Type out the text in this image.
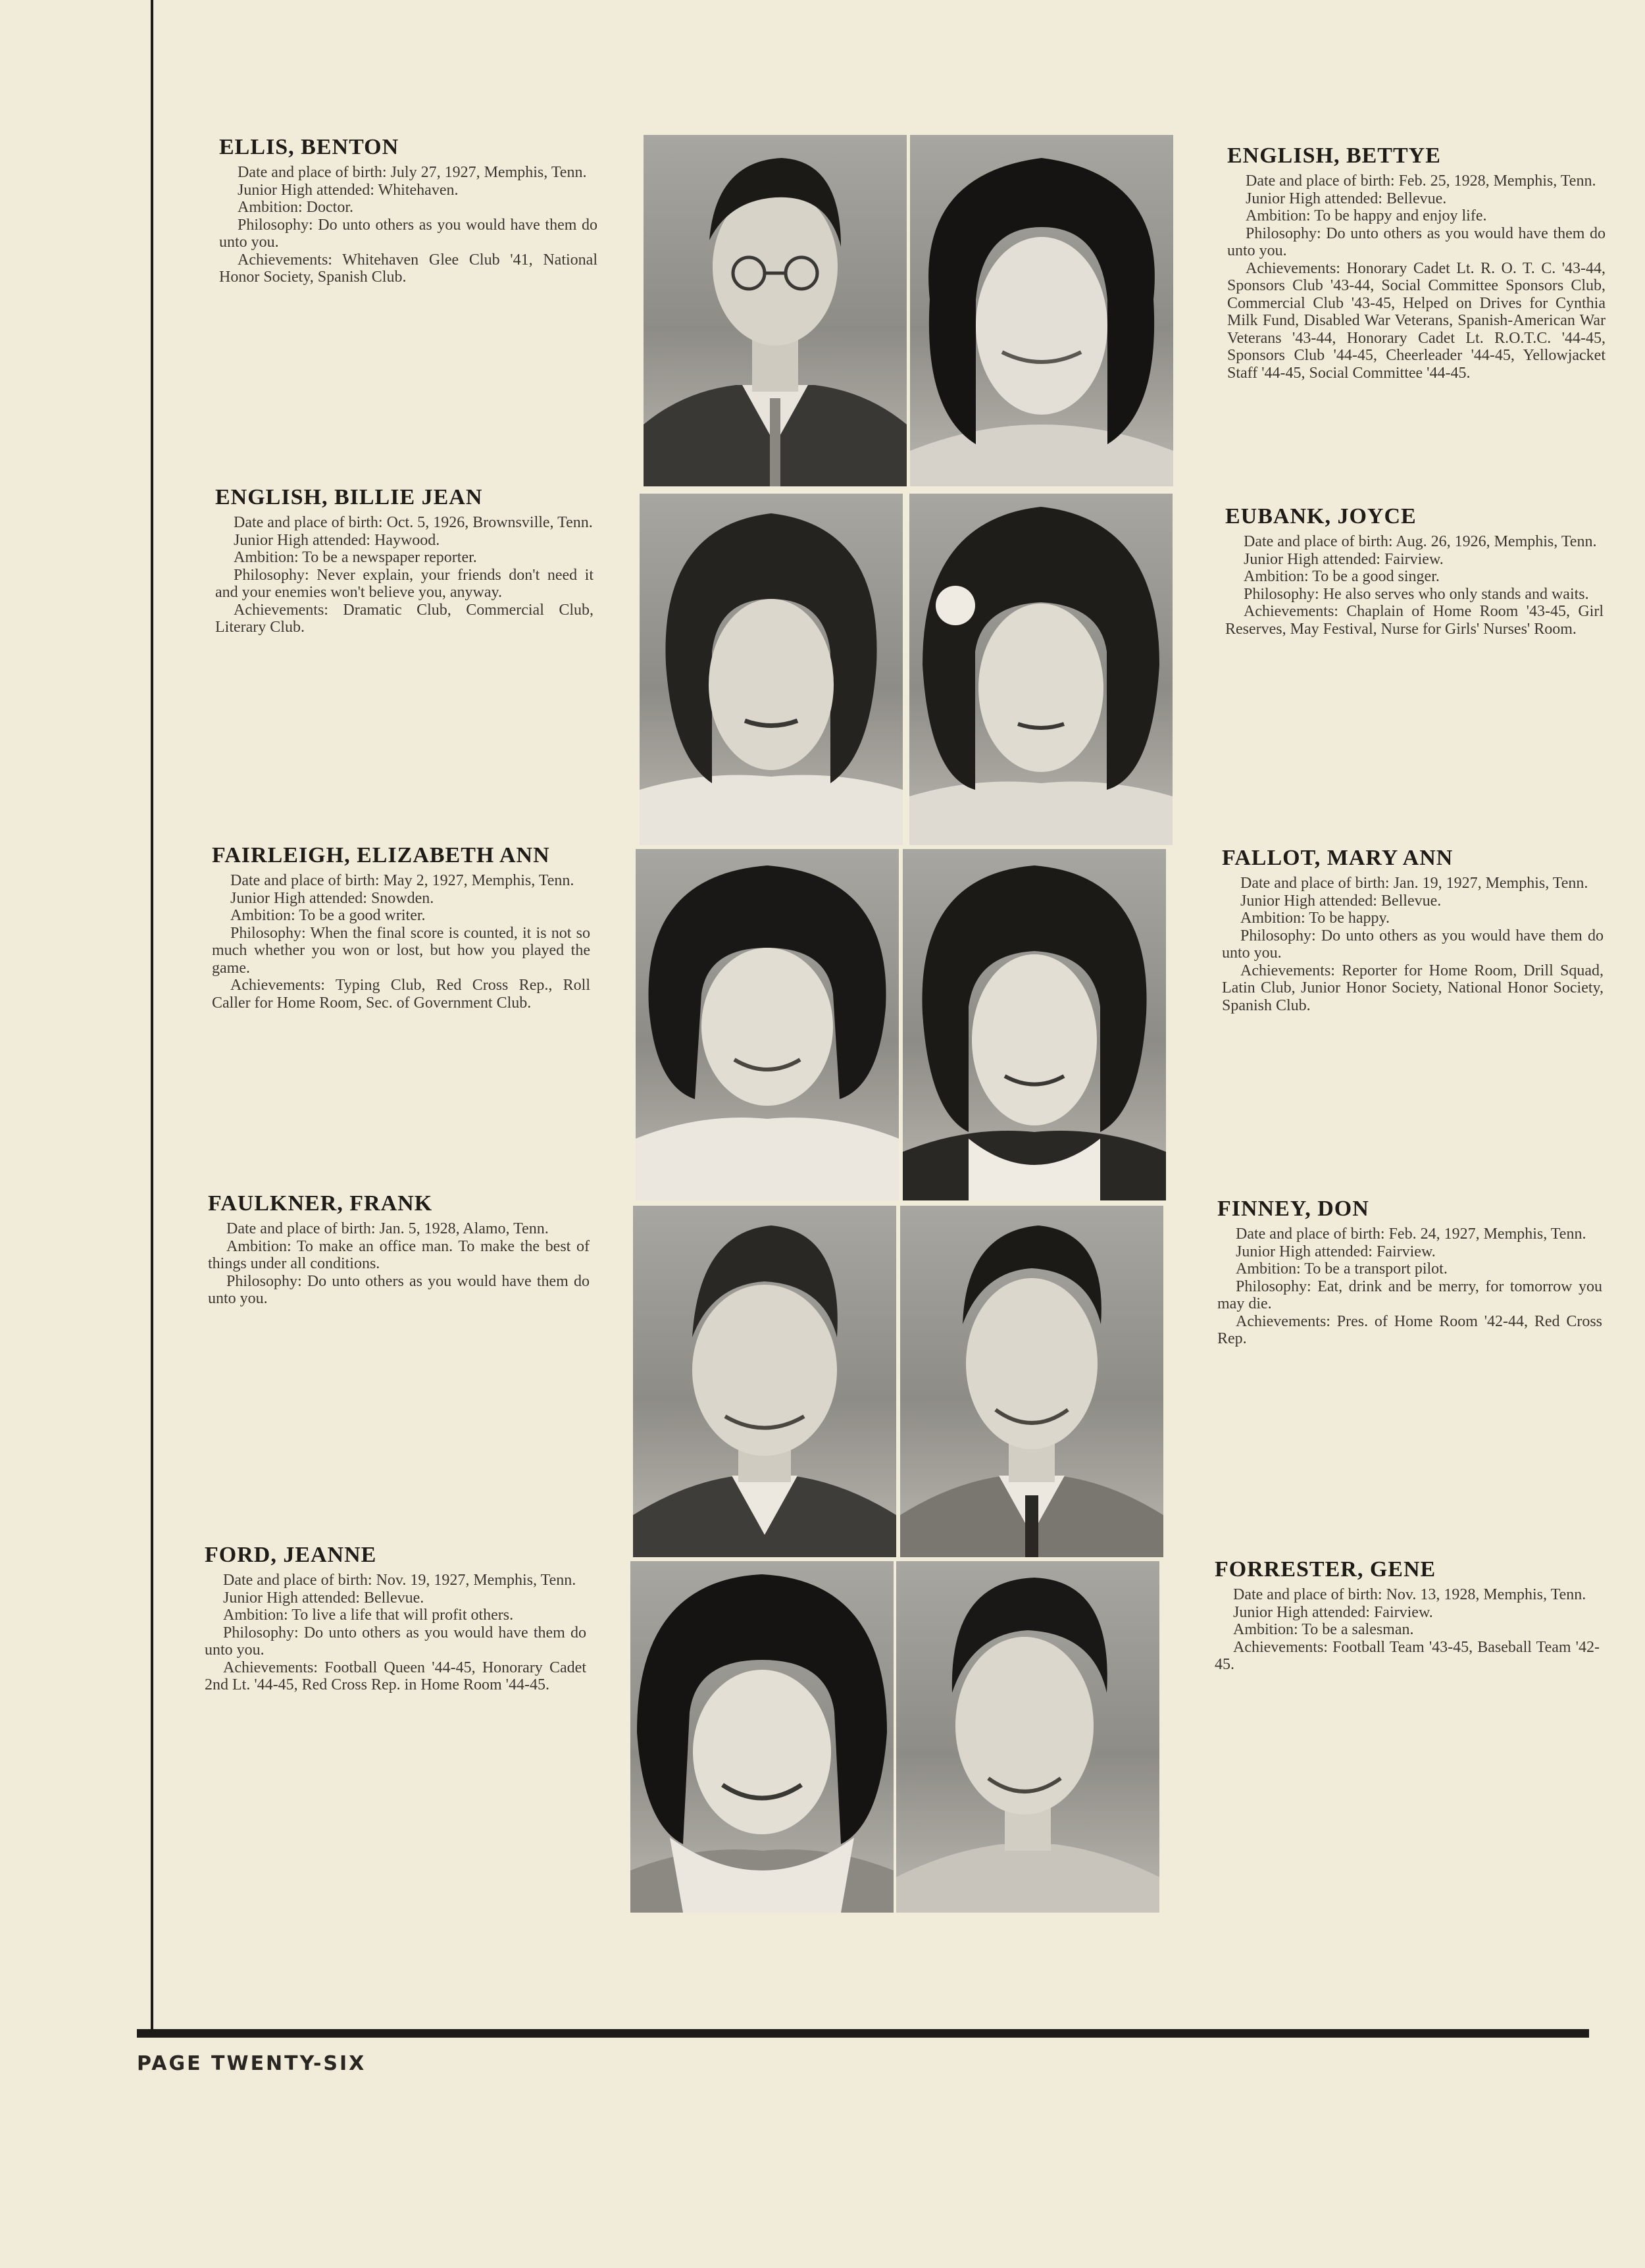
ELLIS, BENTON

Date and place of birth: July 27, 1927, Memphis, Tenn.

Junior High attended: Whitehaven.

Ambition: Doctor.

Philosophy: Do unto others as you would have them do unto you.

Achievements: Whitehaven Glee Club '41, National Honor Society, Spanish Club.

ENGLISH, BETTYE

Date and place of birth: Feb. 25, 1928, Memphis, Tenn.

Junior High attended: Bellevue.

Ambition: To be happy and enjoy life.

Philosophy: Do unto others as you would have them do unto you.

Achievements: Honorary Cadet Lt. R. O. T. C. '43-44, Sponsors Club '43-44, Social Committee Sponsors Club, Commercial Club '43-45, Helped on Drives for Cynthia Milk Fund, Disabled War Veterans, Spanish-American War Veterans '43-44, Honorary Cadet Lt. R.O.T.C. '44-45, Sponsors Club '44-45, Cheerleader '44-45, Yellowjacket Staff '44-45, Social Committee '44-45.

ENGLISH, BILLIE JEAN

Date and place of birth: Oct. 5, 1926, Brownsville, Tenn.

Junior High attended: Haywood.

Ambition: To be a newspaper reporter.

Philosophy: Never explain, your friends don't need it and your enemies won't believe you, anyway.

Achievements: Dramatic Club, Commercial Club, Literary Club.

EUBANK, JOYCE

Date and place of birth: Aug. 26, 1926, Memphis, Tenn.

Junior High attended: Fairview.

Ambition: To be a good singer.

Philosophy: He also serves who only stands and waits.

Achievements: Chaplain of Home Room '43-45, Girl Reserves, May Festival, Nurse for Girls' Nurses' Room.

FAIRLEIGH, ELIZABETH ANN

Date and place of birth: May 2, 1927, Memphis, Tenn.

Junior High attended: Snowden.

Ambition: To be a good writer.

Philosophy: When the final score is counted, it is not so much whether you won or lost, but how you played the game.

Achievements: Typing Club, Red Cross Rep., Roll Caller for Home Room, Sec. of Government Club.

FALLOT, MARY ANN

Date and place of birth: Jan. 19, 1927, Memphis, Tenn.

Junior High attended: Bellevue.

Ambition: To be happy.

Philosophy: Do unto others as you would have them do unto you.

Achievements: Reporter for Home Room, Drill Squad, Latin Club, Junior Honor Society, National Honor Society, Spanish Club.

FAULKNER, FRANK

Date and place of birth: Jan. 5, 1928, Alamo, Tenn.

Ambition: To make an office man. To make the best of things under all conditions.

Philosophy: Do unto others as you would have them do unto you.

FINNEY, DON

Date and place of birth: Feb. 24, 1927, Memphis, Tenn.

Junior High attended: Fairview.

Ambition: To be a transport pilot.

Philosophy: Eat, drink and be merry, for tomorrow you may die.

Achievements: Pres. of Home Room '42-44, Red Cross Rep.

FORD, JEANNE

Date and place of birth: Nov. 19, 1927, Memphis, Tenn.

Junior High attended: Bellevue.

Ambition: To live a life that will profit others.

Philosophy: Do unto others as you would have them do unto you.

Achievements: Football Queen '44-45, Honorary Cadet 2nd Lt. '44-45, Red Cross Rep. in Home Room '44-45.

FORRESTER, GENE

Date and place of birth: Nov. 13, 1928, Memphis, Tenn.

Junior High attended: Fairview.

Ambition: To be a salesman.

Achievements: Football Team '43-45, Baseball Team '42-45.

PAGE TWENTY-SIX
